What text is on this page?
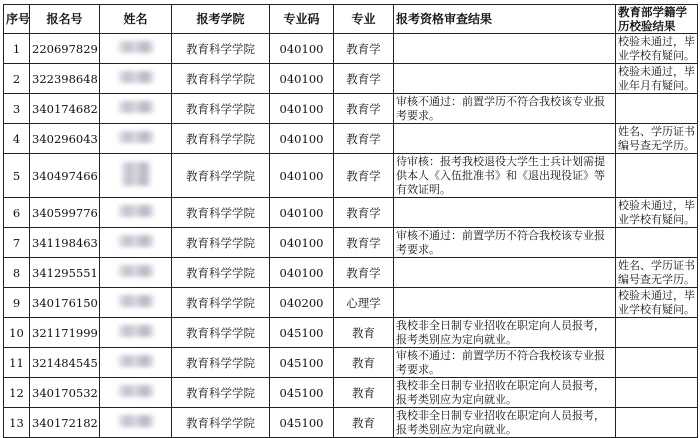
序号	报名号	姓名	报考学院	专业码	专业	报考资格审查结果	教育部学籍学历校验结果
1	220697829		教育科学学院	040100	教育学		校验未通过，毕业学校有疑问。
2	322398648		教育科学学院	040100	教育学		校验未通过，毕业年月有疑问。
3	340174682		教育科学学院	040100	教育学	审核不通过：前置学历不符合我校该专业报考要求。	
4	340296043		教育科学学院	040100	教育学		姓名、学历证书编号查无学历。
5	340497466		教育科学学院	040100	教育学	待审核：报考我校退役大学生士兵计划需提供本人《入伍批准书》和《退出现役证》等有效证明。	
6	340599776		教育科学学院	040100	教育学		校验未通过，毕业学校有疑问。
7	341198463		教育科学学院	040100	教育学	审核不通过：前置学历不符合我校该专业报考要求。	
8	341295551		教育科学学院	040100	教育学		姓名、学历证书编号查无学历。
9	340176150		教育科学学院	040200	心理学		校验未通过，毕业学校有疑问。
10	321171999		教育科学学院	045100	教育	我校非全日制专业招收在职定向人员报考，报考类别应为定向就业。	
11	321484545		教育科学学院	045100	教育	审核不通过：前置学历不符合我校该专业报考要求。	
12	340170532		教育科学学院	045100	教育	我校非全日制专业招收在职定向人员报考，报考类别应为定向就业。	
13	340172182		教育科学学院	045100	教育	我校非全日制专业招收在职定向人员报考，报考类别应为定向就业。	
